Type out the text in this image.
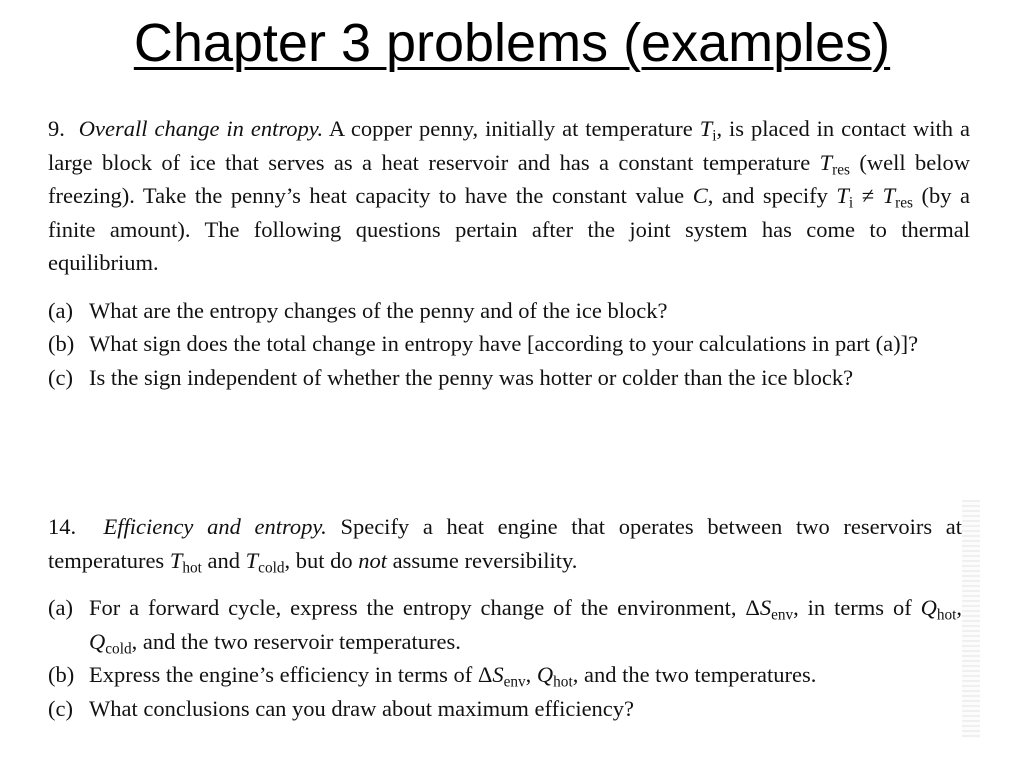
Chapter 3 problems (examples)

9. Overall change in entropy. A copper penny, initially at temperature $T_i$, is placed in contact with a large block of ice that serves as a heat reservoir and has a constant temperature $T_{res}$ (well below freezing). Take the penny’s heat capacity to have the constant value C, and specify $T_i \ne T_{res}$ (by a finite amount). The following questions pertain after the joint system has come to thermal equilibrium.

(a) What are the entropy changes of the penny and of the ice block?
(b) What sign does the total change in entropy have [according to your calculations in part (a)]?
(c) Is the sign independent of whether the penny was hotter or colder than the ice block?

14. Efficiency and entropy. Specify a heat engine that operates between two reservoirs at temperatures $T_{hot}$ and $T_{cold}$, but do not assume reversibility.

(a) For a forward cycle, express the entropy change of the environment, $\Delta S_{env}$, in terms of $Q_{hot}$, $Q_{cold}$, and the two reservoir temperatures.
(b) Express the engine’s efficiency in terms of $\Delta S_{env}$, $Q_{hot}$, and the two temperatures.
(c) What conclusions can you draw about maximum efficiency?
